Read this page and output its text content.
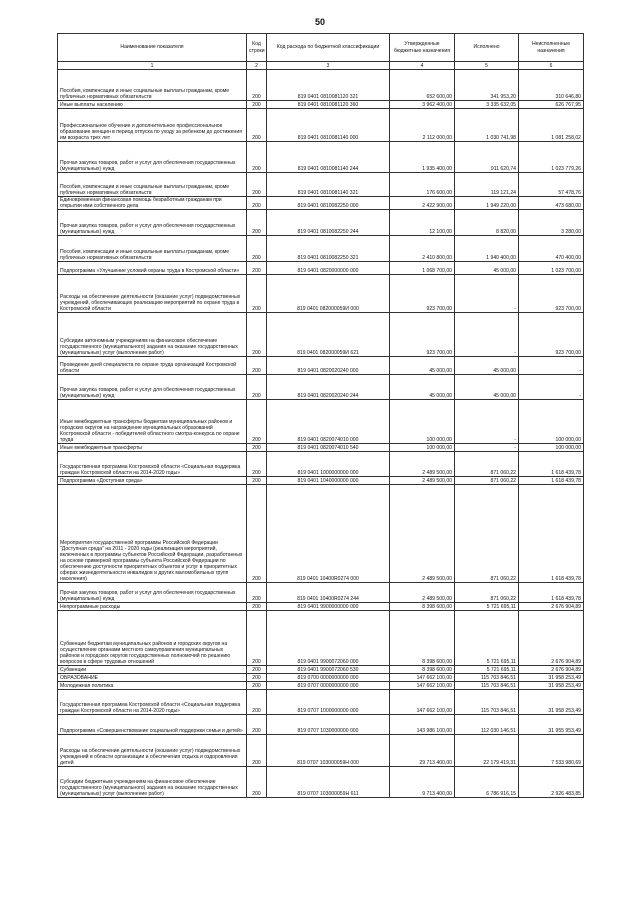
50
Наименование показателя	Код строки	Код расхода по бюджетной классификации	Утвержденные бюджетные назначения	Исполнено	Неисполненные назначения
1	2	3	4	5	6
Пособия, компенсации и иные социальные выплаты гражданам, кроме публичных нормативных обязательств	200	819 0401 0810081120 321	652 600,00	341 953,20	310 646,80
Иные выплаты населению	200	819 0401 0810081120 360	3 962 400,00	3 335 632,05	626 767,95
Профессиональное обучение и дополнительное профессиональное образование женщин в период отпуска по уходу за ребенком до достижения им возраста трех лет	200	819 0401 0810081140 000	2 112 000,00	1 030 741,98	1 081 258,02
Прочая закупка товаров, работ и услуг для обеспечения государственных (муниципальных) нужд	200	819 0401 0810081140 244	1 935 400,00	911 620,74	1 023 779,26
Пособия, компенсации и иные социальные выплаты гражданам, кроме публичных нормативных обязательств	200	819 0401 0810081140 321	176 600,00	119 121,24	57 478,76
Единовременная финансовая помощь безработным гражданам при открытии ими собственного дела	200	819 0401 0810082250 000	2 422 900,00	1 949 220,00	473 680,00
Прочая закупка товаров, работ и услуг для обеспечения государственных (муниципальных) нужд	200	819 0401 0810082250 244	12 100,00	8 820,00	3 280,00
Пособия, компенсации и иные социальные выплаты гражданам, кроме публичных нормативных обязательств	200	819 0401 0810082250 321	2 410 800,00	1 940 400,00	470 400,00
Подпрограмма «Улучшение условий охраны труда в Костромской области»	200	819 0401 0820000000 000	1 068 700,00	45 000,00	1 023 700,00
Расходы на обеспечение деятельности (оказание услуг) подведомственных учреждений, обеспечивающих реализацию мероприятий по охране труда в Костромской области	200	819 0401 082000059И 000	923 700,00	-	923 700,00
Субсидии автономным учреждениям на финансовое обеспечение государственного (муниципального) задания на оказание государственных (муниципальных) услуг (выполнение работ)	200	819 0401 082000059И 621	923 700,00	-	923 700,00
Проведение дней специалиста по охране труда организаций Костромской области	200	819 0401 0820020240 000	45 000,00	45 000,00	-
Прочая закупка товаров, работ и услуг для обеспечения государственных (муниципальных) нужд	200	819 0401 0820020240 244	45 000,00	45 000,00	-
Иные межбюджетные трансферты бюджетам муниципальных районов и городских округов на награждение муниципальных образований Костромской области - победителей областного смотра-конкурса по охране труда	200	819 0401 0820074010 000	100 000,00	-	100 000,00
Иные межбюджетные трансферты	200	819 0401 0820074010 540	100 000,00	-	100 000,00
Государственная программа Костромской области «Социальная поддержка граждан Костромской области на 2014-2020 годы»	200	819 0401 1000000000 000	2 489 500,00	871 060,22	1 618 439,78
Подпрограмма «Доступная среда»	200	819 0401 1040000000 000	2 489 500,00	871 060,22	1 618 439,78
Мероприятия государственной программы Российской Федерации "Доступная среда" на 2011 - 2020 годы (реализация мероприятий, включенных в программы субъектов Российской Федерации, разработанных на основе примерной программы субъекта Российской Федерации по обеспечению доступности приоритетных объектов и услуг в приоритетных сферах жизнедеятельности инвалидов и других маломобильных групп населения)	200	819 0401 10400R0274 000	2 489 500,00	871 060,22	1 618 439,78
Прочая закупка товаров, работ и услуг для обеспечения государственных (муниципальных) нужд	200	819 0401 10400R0274 244	2 489 500,00	871 060,22	1 618 439,78
Непрограммные расходы	200	819 0401 9900000000 000	8 398 600,00	5 721 695,11	2 676 904,89
Субвенции бюджетам муниципальных районов и городских округов на осуществление органами местного самоуправления муниципальных районов и городских округов государственных полномочий по решению вопросов в сфере трудовых отношений	200	819 0401 9900072060 000	8 398 600,00	5 721 695,11	2 676 904,89
Субвенции	200	819 0401 9900072060 530	8 398 600,00	5 721 695,11	2 676 904,89
ОБРАЗОВАНИЕ	200	819 0700 0000000000 000	147 662 100,00	115 703 846,51	31 958 253,49
Молодежная политика	200	819 0707 0000000000 000	147 662 100,00	115 703 846,51	31 958 253,49
Государственная программа Костромской области «Социальная поддержка граждан Костромской области на 2014-2020 годы»	200	819 0707 1000000000 000	147 662 100,00	115 703 846,51	31 958 253,49
Подпрограмма «Совершенствование социальной поддержки семьи и детей»	200	819 0707 1030000000 000	143 986 100,00	112 030 146,51	31 955 953,49
Расходы на обеспечение деятельности (оказание услуг) подведомственных учреждений в области организации и обеспечения отдыха и оздоровления детей	200	819 0707 103000059Н 000	29 713 400,00	22 179 419,31	7 533 980,69
Субсидии бюджетным учреждениям на финансовое обеспечение государственного (муниципального) задания на оказание государственных (муниципальных) услуг (выполнение работ)	200	819 0707 103000059Н 611	9 713 400,00	6 786 916,15	2 926 483,85
